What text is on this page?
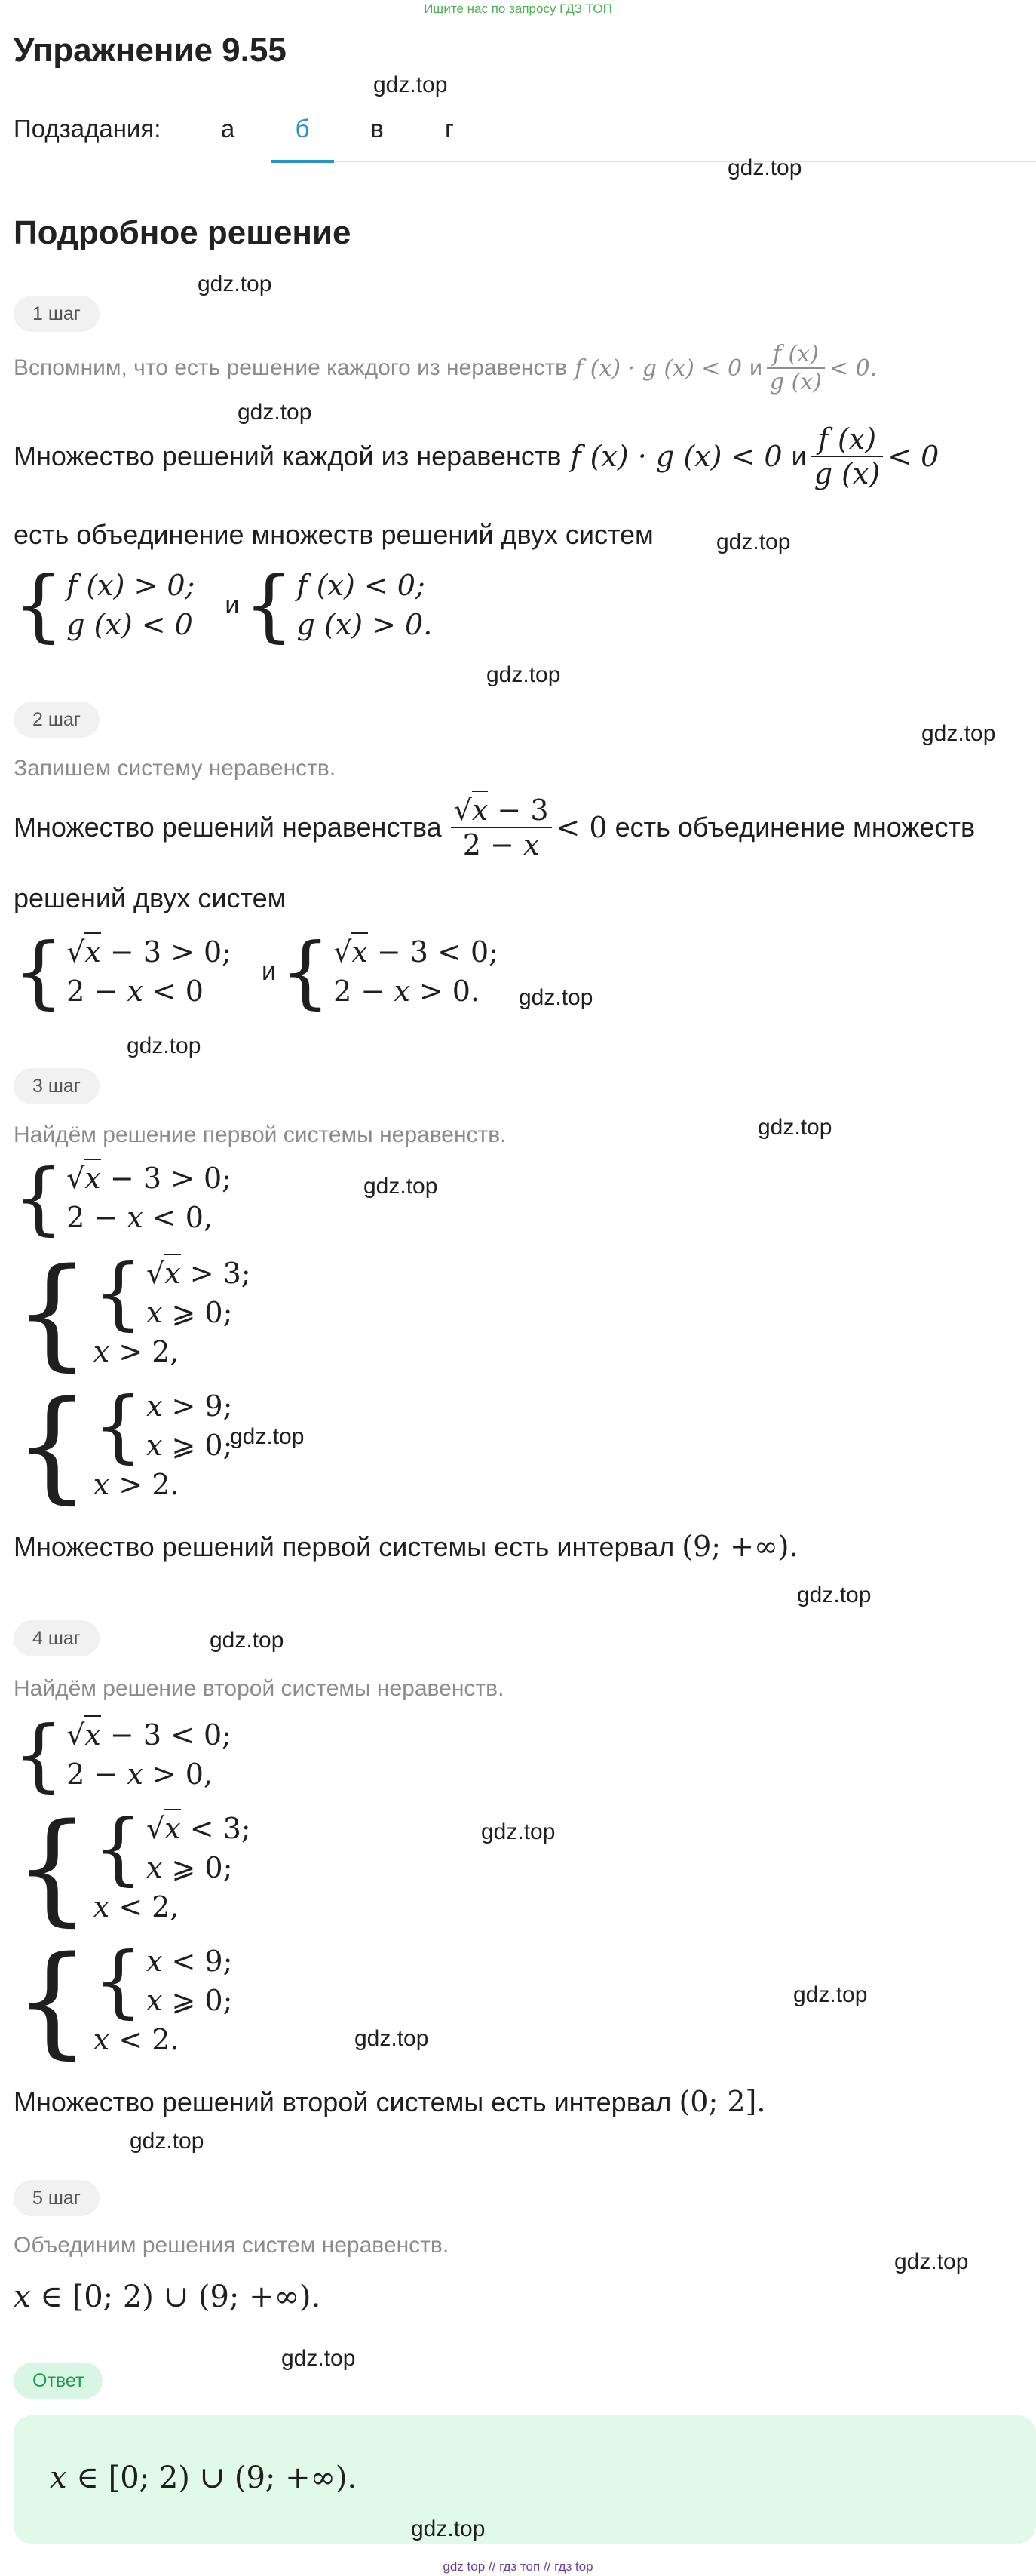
Ищите нас по запросу ГДЗ ТОП
Упражнение 9.55
gdz.top
Подзадания:	а	б	в	г
gdz.top
Подробное решение
1 шаг
gdz.top
Вспомним, что есть решение каждого из неравенств f (x) · g (x) < 0 и $\frac{f (x)}{g (x)} < 0$.
gdz.top
Множество решений каждой из неравенств f (x) · g (x) < 0 и $\frac{f (x)}{g (x)} < 0$
есть объединение множеств решений двух систем	gdz.top
{ f (x) > 0;
g (x) < 0
и { f (x) < 0;
g (x) > 0.
gdz.top
2 шаг
gdz.top
Запишем систему неравенств.
Множество решений неравенства $\frac{√x - 3}{2 - x} < 0$ есть объединение множеств
решений двух систем
{ √x − 3 > 0;
2 − x < 0
и { √x − 3 < 0;
2 − x > 0.	gdz.top
gdz.top
3 шаг
gdz.top
Найдём решение первой системы неравенств.
{ √x − 3 > 0;
2 − x < 0,
gdz.top
{ { √x > 3;
x ⩾ 0;
x > 2,
{ { x > 9;
x ⩾ 0;
x > 2.
gdz.top
Множество решений первой системы есть интервал (9; +∞).
gdz.top
4 шаг	gdz.top
Найдём решение второй системы неравенств.
{ √x − 3 < 0;
2 − x > 0,
{ { √x < 3;
x ⩾ 0;
x < 2,
gdz.top
{ { x < 9;
x ⩾ 0;
x < 2.
gdz.top
gdz.top
Множество решений второй системы есть интервал (0; 2].
gdz.top
5 шаг
Объединим решения систем неравенств.
gdz.top
x ∈ [0; 2) ∪ (9; +∞).
gdz.top
Ответ
x ∈ [0; 2) ∪ (9; +∞).
gdz.top
gdz top // гдз топ // гдз top
